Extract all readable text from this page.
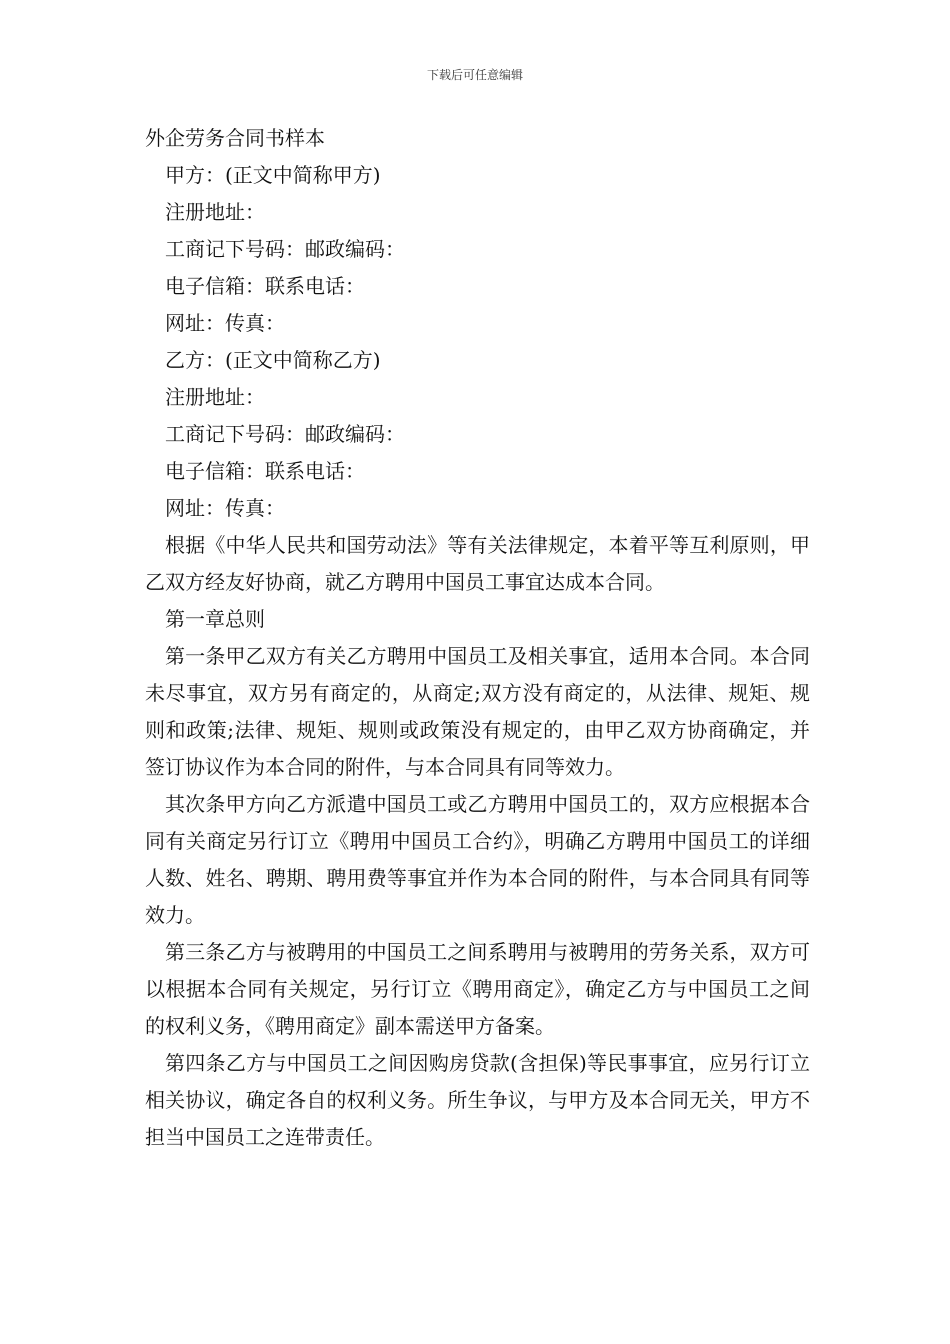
下载后可任意编辑
外企劳务合同书样本
甲方：(正文中简称甲方)
注册地址：
工商记下号码：邮政编码：
电子信箱：联系电话：
网址：传真：
乙方：(正文中简称乙方)
注册地址：
工商记下号码：邮政编码：
电子信箱：联系电话：
网址：传真：
根据《中华人民共和国劳动法》等有关法律规定，本着平等互利原则，甲乙双方经友好协商，就乙方聘用中国员工事宜达成本合同。
第一章总则
第一条甲乙双方有关乙方聘用中国员工及相关事宜，适用本合同。本合同未尽事宜，双方另有商定的，从商定;双方没有商定的，从法律、规矩、规则和政策;法律、规矩、规则或政策没有规定的，由甲乙双方协商确定，并签订协议作为本合同的附件，与本合同具有同等效力。
其次条甲方向乙方派遣中国员工或乙方聘用中国员工的，双方应根据本合同有关商定另行订立《聘用中国员工合约》，明确乙方聘用中国员工的详细人数、姓名、聘期、聘用费等事宜并作为本合同的附件，与本合同具有同等效力。
第三条乙方与被聘用的中国员工之间系聘用与被聘用的劳务关系，双方可以根据本合同有关规定，另行订立《聘用商定》，确定乙方与中国员工之间的权利义务，《聘用商定》副本需送甲方备案。
第四条乙方与中国员工之间因购房贷款(含担保)等民事事宜，应另行订立相关协议，确定各自的权利义务。所生争议，与甲方及本合同无关，甲方不担当中国员工之连带责任。
